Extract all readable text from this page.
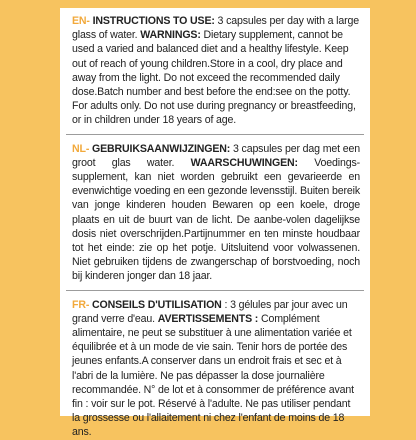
EN- INSTRUCTIONS TO USE: 3 capsules per day with a large glass of water. WARNINGS: Dietary supplement, cannot be used a varied and balanced diet and a healthy lifestyle. Keep out of reach of young children.Store in a cool, dry place and away from the light. Do not exceed the recommended daily dose.Batch number and best before the end:see on the potty. For adults only. Do not use during pregnancy or breastfeeding, or in children under 18 years of age.

NL- GEBRUIKSAANWIJZINGEN: 3 capsules per dag met een groot glas water. WAARSCHUWINGEN: Voedings-supplement, kan niet worden gebruikt een gevarieerde en evenwichtige voeding en een gezonde levensstijl. Buiten bereik van jonge kinderen houden Bewaren op een koele, droge plaats en uit de buurt van de licht. De aanbe-volen dagelijkse dosis niet overschrijden.Partijnummer en ten minste houdbaar tot het einde: zie op het potje. Uitsluitend voor volwassenen. Niet gebruiken tijdens de zwangerschap of borstvoeding, noch bij kinderen jonger dan 18 jaar.

FR- CONSEILS D'UTILISATION : 3 gélules par jour avec un grand verre d'eau. AVERTISSEMENTS : Complément alimentaire, ne peut se substituer à une alimentation variée et équilibrée et à un mode de vie sain. Tenir hors de portée des jeunes enfants.A conserver dans un endroit frais et sec et à l'abri de la lumière. Ne pas dépasser la dose journalière recommandée. N° de lot et à consommer de préférence avant fin : voir sur le pot. Réservé à l'adulte. Ne pas utiliser pendant la grossesse ou l'allaitement ni chez l'enfant de moins de 18 ans.
